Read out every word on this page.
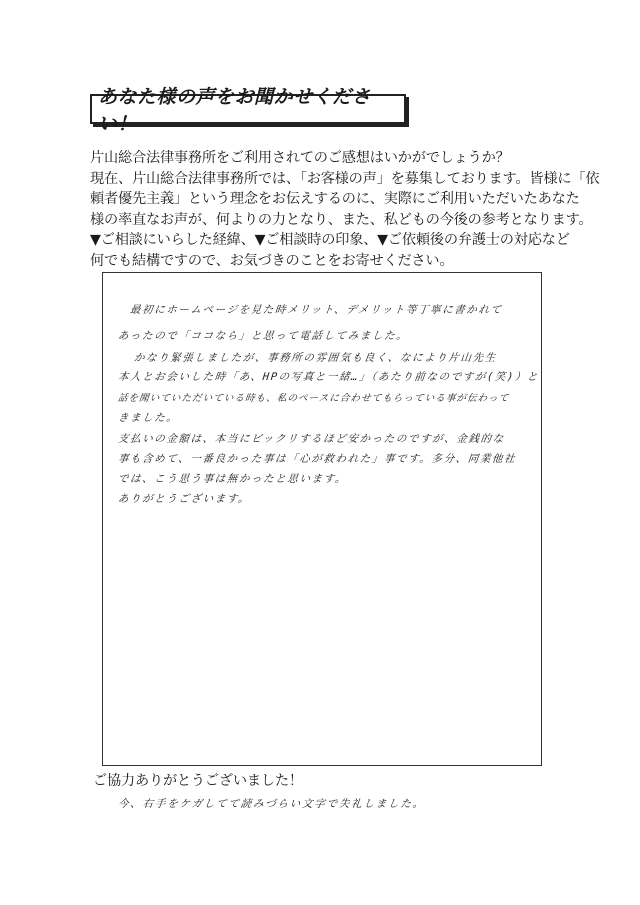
あなた様の声をお聞かせください！
片山総合法律事務所をご利用されてのご感想はいかがでしょうか？
現在、片山総合法律事務所では、「お客様の声」を募集しております。皆様に「依
頼者優先主義」という理念をお伝えするのに、実際にご利用いただいたあなた
様の率直なお声が、何よりの力となり、また、私どもの今後の参考となります。
▼ご相談にいらした経緯、▼ご相談時の印象、▼ご依頼後の弁護士の対応など
何でも結構ですので、お気づきのことをお寄せください。
最初にホームページを見た時メリット、デメリット等丁寧に書かれて
あったので「ココなら」と思って電話してみました。
かなり緊張しましたが、事務所の雰囲気も良く、なにより片山先生
本人とお会いした時「あ、HPの写真と一緒…」（あたり前なのですが(笑)）と
話を聞いていただいている時も、私のペースに合わせてもらっている事が伝わって
きました。
支払いの金額は、本当にビックリするほど安かったのですが、金銭的な
事も含めて、一番良かった事は「心が救われた」事です。多分、同業他社
では、こう思う事は無かったと思います。
ありがとうございます。
ご協力ありがとうございました！
今、右手をケガしてて読みづらい文字で失礼しました。
